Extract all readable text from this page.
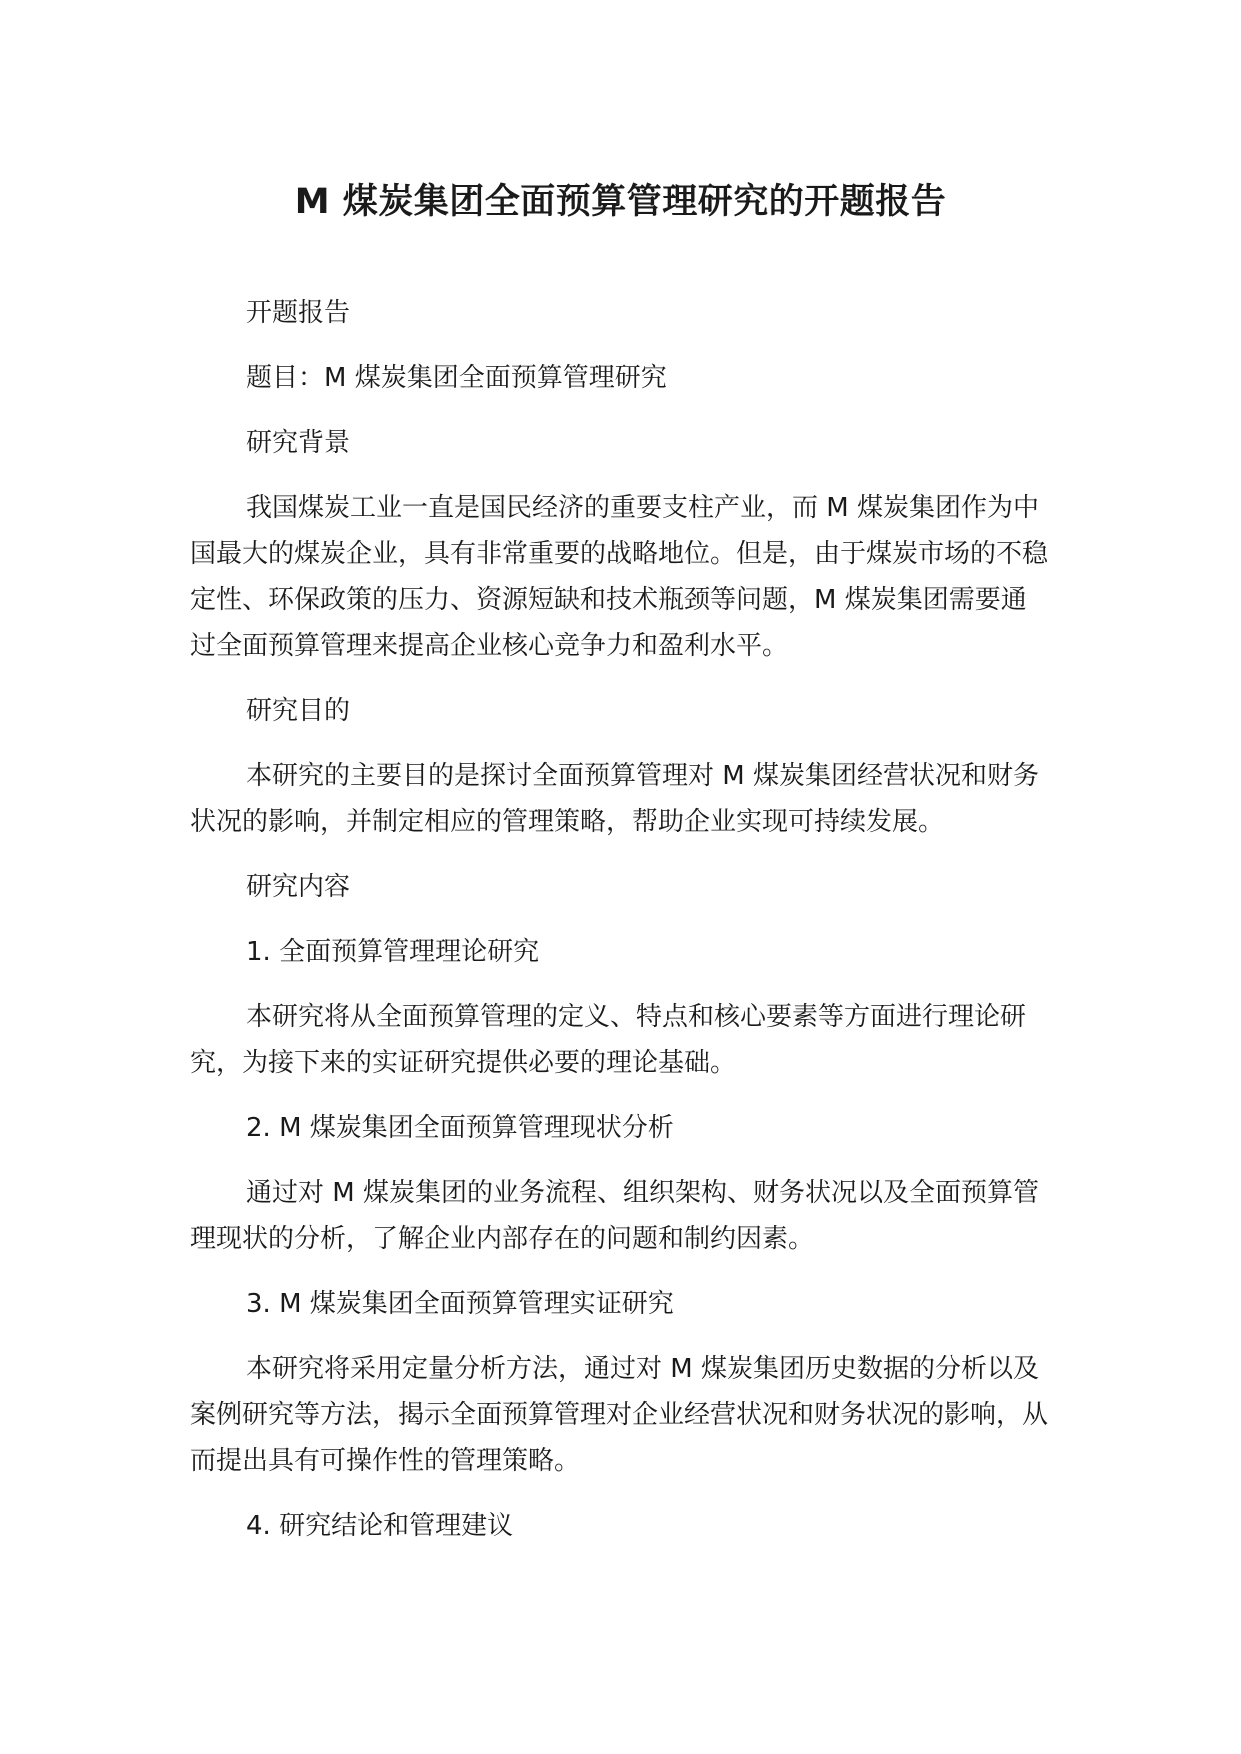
M 煤炭集团全面预算管理研究的开题报告

开题报告

题目：M 煤炭集团全面预算管理研究

研究背景

我国煤炭工业一直是国民经济的重要支柱产业，而 M 煤炭集团作为中国最大的煤炭企业，具有非常重要的战略地位。但是，由于煤炭市场的不稳定性、环保政策的压力、资源短缺和技术瓶颈等问题，M 煤炭集团需要通过全面预算管理来提高企业核心竞争力和盈利水平。

研究目的

本研究的主要目的是探讨全面预算管理对 M 煤炭集团经营状况和财务状况的影响，并制定相应的管理策略，帮助企业实现可持续发展。

研究内容

1. 全面预算管理理论研究

本研究将从全面预算管理的定义、特点和核心要素等方面进行理论研究，为接下来的实证研究提供必要的理论基础。

2. M 煤炭集团全面预算管理现状分析

通过对 M 煤炭集团的业务流程、组织架构、财务状况以及全面预算管理现状的分析，了解企业内部存在的问题和制约因素。

3. M 煤炭集团全面预算管理实证研究

本研究将采用定量分析方法，通过对 M 煤炭集团历史数据的分析以及案例研究等方法，揭示全面预算管理对企业经营状况和财务状况的影响，从而提出具有可操作性的管理策略。

4. 研究结论和管理建议
